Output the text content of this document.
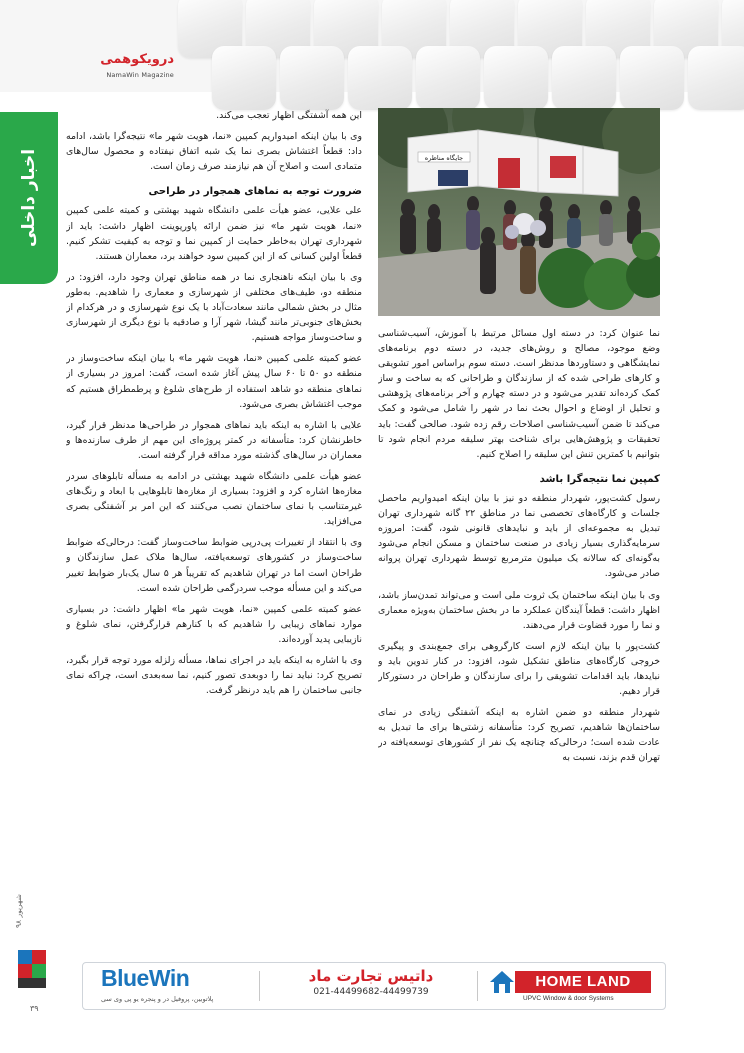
درویکوهمی
NamaWin Magazine
اخبار داخلی	جایگاه مناظره

این همه آشفتگی اظهار تعجب می‌کند.

وی با بیان اینکه امیدواریم کمپین «نما، هویت شهر ما» نتیجه‌گرا باشد، ادامه داد: قطعاً اغتشاش بصری نما یک شبه اتفاق نیفتاده و محصول سال‌های متمادی است و اصلاح آن هم نیازمند صرف زمان است.

ضرورت توجه به نماهای همجوار در طراحی

علی علایی، عضو هیأت علمی دانشگاه شهید بهشتی و کمیته علمی کمپین «نما، هویت شهر ما» نیز ضمن ارائه پاورپوینت اظهار داشت: باید از شهرداری تهران به‌خاطر حمایت از کمپین نما و توجه به کیفیت تشکر کنیم. قطعاً اولین کسانی که از این کمپین سود خواهند برد، معماران هستند.

وی با بیان اینکه ناهنجاری نما در همه مناطق تهران وجود دارد، افزود: در منطقه دو، طیف‌های مختلفی از شهرسازی و معماری را شاهدیم. به‌طور مثال در بخش شمالی مانند سعادت‌آباد با یک نوع شهرسازی و در هرکدام از بخش‌های جنوبی‌تر مانند گیشا، شهر آرا و صادقیه با نوع دیگری از شهرسازی و ساخت‌وساز مواجه هستیم.

عضو کمیته علمی کمپین «نما، هویت شهر ما» با بیان اینکه ساخت‌وساز در منطقه دو ۵۰ تا ۶۰ سال پیش آغاز شده است، گفت: امروز در بسیاری از نماهای منطقه دو شاهد استفاده از طرح‌های شلوغ و پرطمطراق هستیم که موجب اغتشاش بصری می‌شود.

علایی با اشاره به اینکه باید نماهای همجوار در طراحی‌ها مدنظر قرار گیرد، خاطرنشان کرد: متأسفانه در کمتر پروژه‌ای این مهم از طرف سازنده‌ها و معماران در سال‌های گذشته مورد مداقه قرار گرفته است.

عضو هیأت علمی دانشگاه شهید بهشتی در ادامه به مسأله تابلوهای سردر مغازه‌ها اشاره کرد و افزود: بسیاری از مغازه‌ها تابلوهایی با ابعاد و رنگ‌های غیرمتناسب با نمای ساختمان نصب می‌کنند که این امر بر آشفتگی بصری می‌افزاید.

وی با انتقاد از تغییرات پی‌درپی ضوابط ساخت‌وساز گفت: درحالی‌که ضوابط ساخت‌وساز در کشورهای توسعه‌یافته، سال‌ها ملاک عمل سازندگان و طراحان است اما در تهران شاهدیم که تقریباً هر ۵ سال یک‌بار ضوابط تغییر می‌کند و این مسأله موجب سردرگمی طراحان شده است.

عضو کمیته علمی کمپین «نما، هویت شهر ما» اظهار داشت: در بسیاری موارد نماهای زیبایی را شاهدیم که با کنارهم قرارگرفتن، نمای شلوغ و نازیبایی پدید آورده‌اند.

وی با اشاره به اینکه باید در اجرای نماها، مسأله زلزله مورد توجه قرار بگیرد، تصریح کرد: نباید نما را دوبعدی تصور کنیم، نما سه‌بعدی است، چراکه نمای جانبی ساختمان را هم باید درنظر گرفت.

نما عنوان کرد: در دسته اول مسائل مرتبط با آموزش، آسیب‌شناسی وضع موجود، مصالح و روش‌های جدید، در دسته دوم برنامه‌های نمایشگاهی و دستاوردها مدنظر است. دسته سوم براساس امور تشویقی و کارهای طراحی شده که از سازندگان و طراحانی که به ساخت و ساز کمک کرده‌اند تقدیر می‌شود و در دسته چهارم و آخر برنامه‌های پژوهشی و تحلیل از اوضاع و احوال بحث نما در شهر را شامل می‌شود و کمک می‌کند تا ضمن آسیب‌شناسی اصلاحات رقم زده شود. صالحی گفت: باید تحقیقات و پژوهش‌هایی برای شناخت بهتر سلیقه مردم انجام شود تا بتوانیم با کمترین تنش این سلیقه را اصلاح کنیم.

کمپین نما نتیجه‌گرا باشد

رسول کشت‌پور، شهردار منطقه دو نیز با بیان اینکه امیدواریم ماحصل جلسات و کارگاه‌های تخصصی نما در مناطق ۲۲ گانه شهرداری تهران تبدیل به مجموعه‌ای از باید و نبایدهای قانونی شود، گفت: امروزه سرمایه‌گذاری بسیار زیادی در صنعت ساختمان و مسکن انجام می‌شود به‌گونه‌ای که سالانه یک میلیون مترمربع توسط شهرداری تهران پروانه صادر می‌شود.

وی با بیان اینکه ساختمان یک ثروت ملی است و می‌تواند تمدن‌ساز باشد، اظهار داشت: قطعاً آیندگان عملکرد ما در بخش ساختمان به‌ویژه معماری و نما را مورد قضاوت قرار می‌دهند.

کشت‌پور با بیان اینکه لازم است کارگروهی برای جمع‌بندی و پیگیری خروجی کارگاه‌های مناطق تشکیل شود، افزود: در کنار تدوین باید و نبایدها، باید اقدامات تشویقی را برای سازندگان و طراحان در دستورکار قرار دهیم.

شهردار منطقه دو ضمن اشاره به اینکه آشفتگی زیادی در نمای ساختمان‌ها شاهدیم، تصریح کرد: متأسفانه زشتی‌ها برای ما تبدیل به عادت شده است؛ درحالی‌که چنانچه یک نفر از کشورهای توسعه‌یافته در تهران قدم بزند، نسبت به

شهریور ۹۸
۳۹
BlueWin
پلاتوبین، پروفیل در و پنجره یو پی وی سی
داتیس تجارت ماد
021-44499682-44499739
HOME LAND
UPVC Window & door Systems
